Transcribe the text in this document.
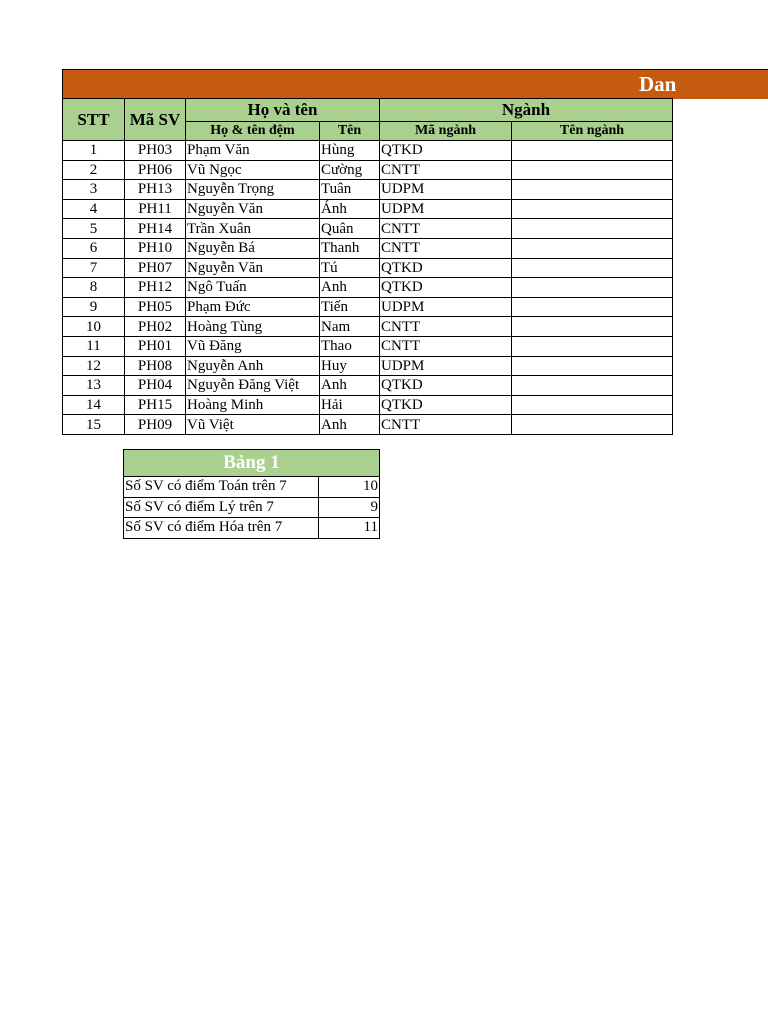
Dan
STT	Mã SV	Họ và tên		Ngành	
		Họ & tên đệm	Tên	Mã ngành	Tên ngành
1	PH03	Phạm Văn	Hùng	QTKD	
2	PH06	Vũ Ngọc	Cường	CNTT	
3	PH13	Nguyễn Trọng	Tuân	UDPM	
4	PH11	Nguyễn Văn	Ánh	UDPM	
5	PH14	Trần Xuân	Quân	CNTT	
6	PH10	Nguyễn Bá	Thanh	CNTT	
7	PH07	Nguyễn Văn	Tú	QTKD	
8	PH12	Ngô Tuấn	Anh	QTKD	
9	PH05	Phạm Đức	Tiến	UDPM	
10	PH02	Hoàng Tùng	Nam	CNTT	
11	PH01	Vũ Đăng	Thao	CNTT	
12	PH08	Nguyễn Anh	Huy	UDPM	
13	PH04	Nguyễn Đăng Việt	Anh	QTKD	
14	PH15	Hoàng Minh	Hải	QTKD	
15	PH09	Vũ Việt	Anh	CNTT	
Bảng 1	
Số SV có điểm Toán trên 7	10
Số SV có điểm Lý trên 7	9
Số SV có điểm Hóa trên 7	11
